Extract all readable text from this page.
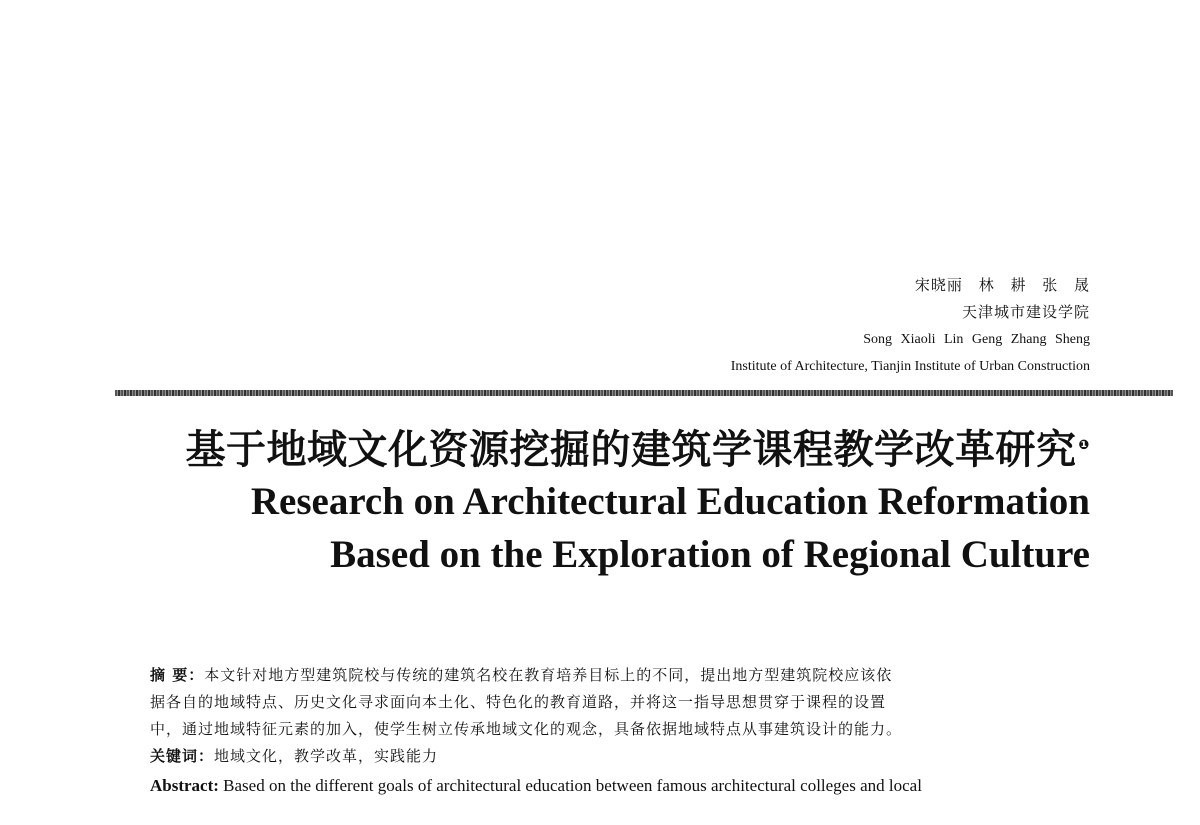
宋晓丽 林 耕 张 晟
天津城市建设学院
Song Xiaoli Lin Geng Zhang Sheng
Institute of Architecture, Tianjin Institute of Urban Construction
基于地域文化资源挖掘的建筑学课程教学改革研究 $^❶$
Research on Architectural Education Reformation
Based on the Exploration of Regional Culture
摘 要：本文针对地方型建筑院校与传统的建筑名校在教育培养目标上的不同，提出地方型建筑院校应该依
据各自的地域特点、历史文化寻求面向本土化、特色化的教育道路，并将这一指导思想贯穿于课程的设置
中，通过地域特征元素的加入，使学生树立传承地域文化的观念，具备依据地域特点从事建筑设计的能力。
关键词：地域文化，教学改革，实践能力
Abstract: Based on the different goals of architectural education between famous architectural colleges and local
